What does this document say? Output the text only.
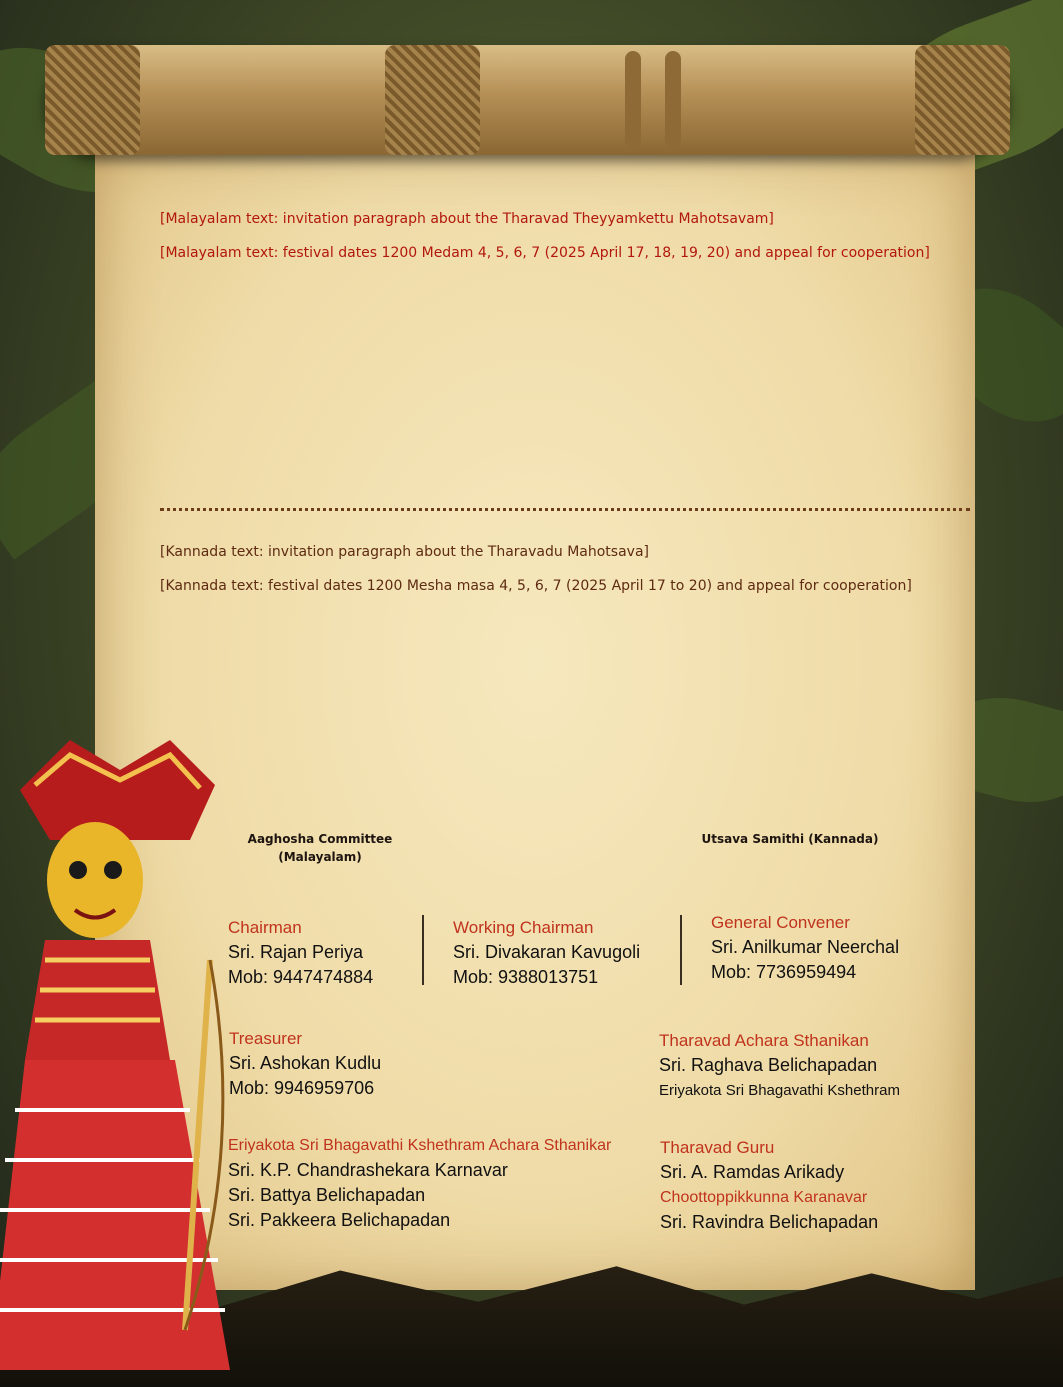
[Malayalam text: invitation paragraph about the Tharavad Theyyamkettu Mahotsavam]

[Malayalam text: festival dates 1200 Medam 4, 5, 6, 7 (2025 April 17, 18, 19, 20) and appeal for cooperation]

[Kannada text: invitation paragraph about the Tharavadu Mahotsava]

[Kannada text: festival dates 1200 Mesha masa 4, 5, 6, 7 (2025 April 17 to 20) and appeal for cooperation]

Aaghosha Committee (Malayalam)
Utsava Samithi (Kannada)
Chairman
Sri. Rajan Periya
Mob: 9447474884
Working Chairman
Sri. Divakaran Kavugoli
Mob: 9388013751
General Convener
Sri. Anilkumar Neerchal
Mob: 7736959494
Treasurer
Sri. Ashokan Kudlu
Mob: 9946959706
Tharavad Achara Sthanikan
Sri. Raghava Belichapadan
Eriyakota Sri Bhagavathi Kshethram
Eriyakota Sri Bhagavathi Kshethram Achara Sthanikar
Sri. K.P. Chandrashekara Karnavar
Sri. Battya Belichapadan
Sri. Pakkeera Belichapadan
Tharavad Guru
Sri. A. Ramdas Arikady
Choottoppikkunna Karanavar
Sri. Ravindra Belichapadan
